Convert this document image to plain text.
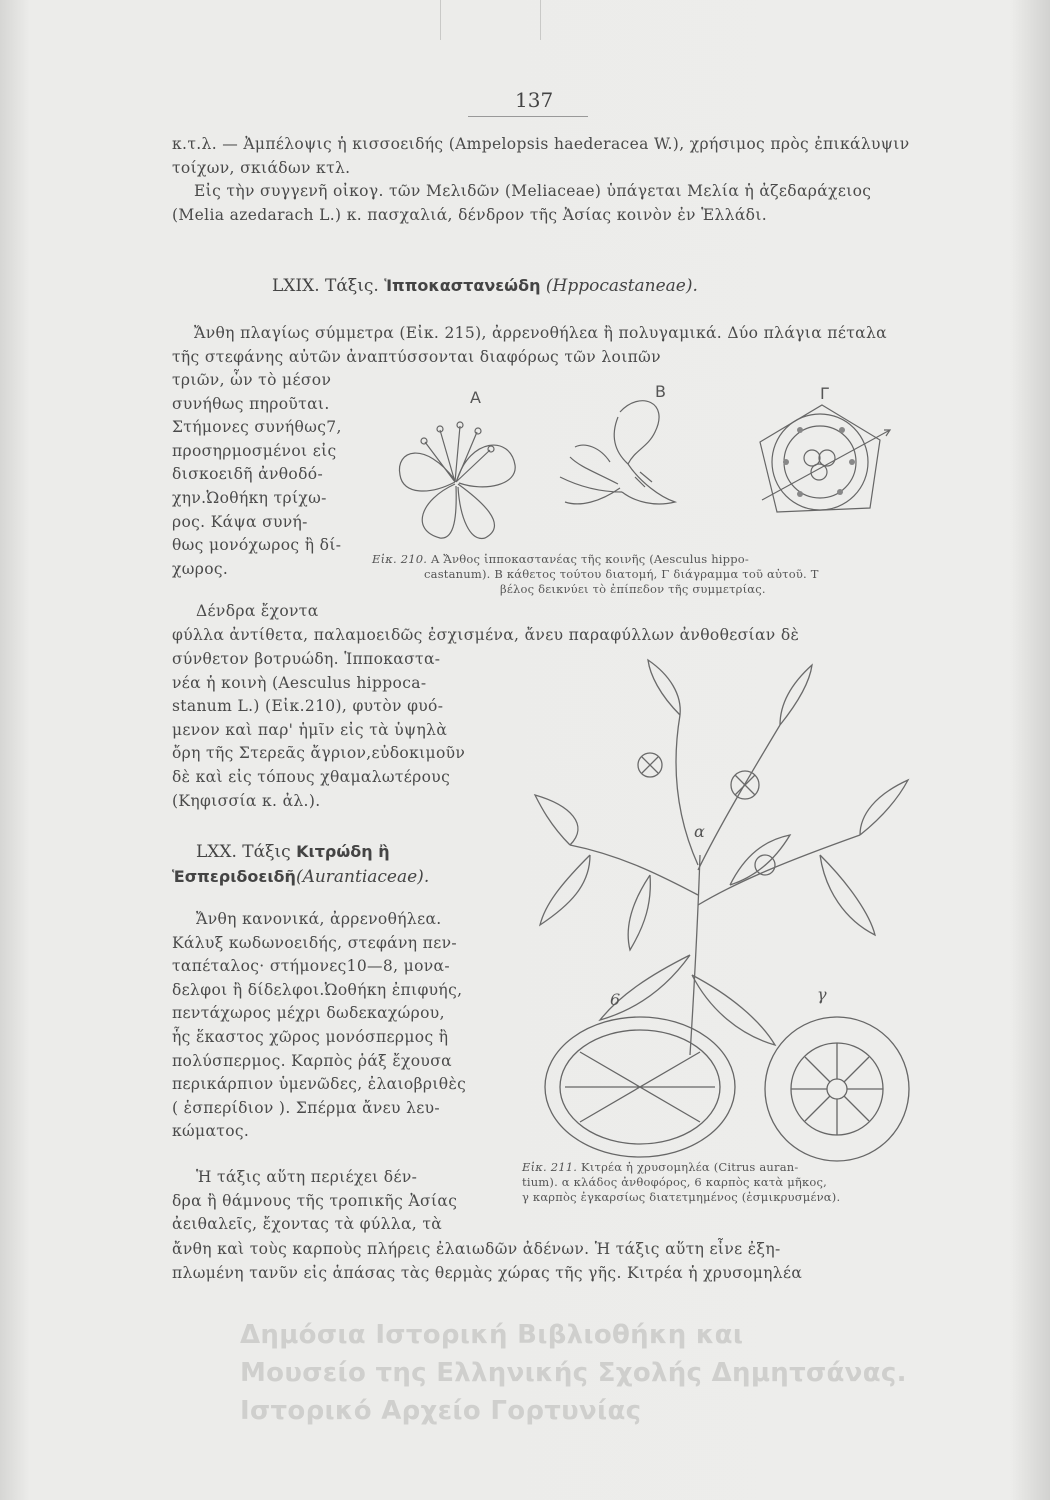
137

κ.τ.λ. — Ἀμπέλοψις ἡ κισσοειδής (Ampelopsis haederacea W.), χρήσιμος πρὸς ἐπικάλυψιν τοίχων, σκιάδων κτλ.

Εἰς τὴν συγγενῆ οἰκογ. τῶν Μελιδῶν (Meliaceae) ὑπάγεται Μελία ἡ ἀζεδαράχειος (Melia azedarach L.) κ. πασχαλιά, δένδρον τῆς Ἀσίας κοινὸν ἐν Ἑλλάδι.

LXIX. Τάξις. Ἱπποκαστανεώδη (Hppocastaneae).

Ἄνθη πλαγίως σύμμετρα (Εἰκ. 215), ἀρρενοθήλεα ἢ πολυγαμικά. Δύο πλάγια πέταλα τῆς στεφάνης αὐτῶν ἀναπτύσσονται διαφόρως τῶν λοιπῶν

τριῶν, ὧν τὸ μέσον

συνήθως πηροῦται.

Στήμονες συνήθως7,

προσηρμοσμένοι εἰς

δισκοειδῆ ἀνθοδό-

χην.Ὠοθήκη τρίχω-

ρος. Κάψα συνή-

θως μονόχωρος ἢ δί-

χωρος.

Δένδρα ἔχοντα

A	B	Γ
Εἰκ. 210. A Ἄνθος ἱπποκαστανέας τῆς κοινῆς (Aesculus hippo-
castanum). B κάθετος τούτου διατομή, Γ διάγραμμα τοῦ αὐτοῦ. Τ
βέλος δεικνύει τὸ ἐπίπεδον τῆς συμμετρίας.

φύλλα ἀντίθετα, παλαμοειδῶς ἐσχισμένα, ἄνευ παραφύλλων ἀνθοθεσίαν δὲ

σύνθετον βοτρυώδη. Ἱπποκαστα-

νέα ἡ κοινὴ (Aesculus hippoca-

stanum L.) (Εἰκ.210), φυτὸν φυό-

μενον καὶ παρ' ἡμῖν εἰς τὰ ὑψηλὰ

ὄρη τῆς Στερεᾶς ἄγριον,εὐδοκιμοῦν

δὲ καὶ εἰς τόπους χθαμαλωτέρους

(Κηφισσία κ. ἀλ.).

LXX. Τάξις Κιτρώδη ἢ
Ἑσπεριδοειδῆ(Aurantiaceae).

Ἄνθη κανονικά, ἀρρενοθήλεα.

Κάλυξ κωδωνοειδής, στεφάνη πεν-

ταπέταλος· στήμονες10—8, μονα-

δελφοι ἢ δίδελφοι.Ὠοθήκη ἐπιφυής,

πεντάχωρος μέχρι δωδεκαχώρου,

ἧς ἕκαστος χῶρος μονόσπερμος ἢ

πολύσπερμος. Καρπὸς ῥάξ ἔχουσα

περικάρπιον ὑμενῶδες, ἐλαιοβριθὲς

( ἑσπερίδιον ). Σπέρμα ἄνευ λευ-

κώματος.

Ἡ τάξις αὕτη περιέχει δέν-

δρα ἢ θάμνους τῆς τροπικῆς Ἀσίας

ἀειθαλεῖς, ἔχοντας τὰ φύλλα, τὰ

α
6	γ
Εἰκ. 211. Κιτρέα ἡ χρυσομηλέα (Citrus auran-
tium). α κλάδος ἀνθοφόρος, 6 καρπὸς κατὰ μῆκος,
γ καρπὸς ἐγκαρσίως διατετμημένος (ἐσμικρυσμένα).

ἄνθη καὶ τοὺς καρποὺς πλήρεις ἐλαιωδῶν ἀδένων. Ἡ τάξις αὕτη εἶνε ἐξη-

πλωμένη τανῦν εἰς ἁπάσας τὰς θερμὰς χώρας τῆς γῆς. Κιτρέα ἡ χρυσομηλέα

Δημόσια Ιστορική Βιβλιοθήκη και
Μουσείο της Ελληνικής Σχολής Δημητσάνας.
Ιστορικό Αρχείο Γορτυνίας
